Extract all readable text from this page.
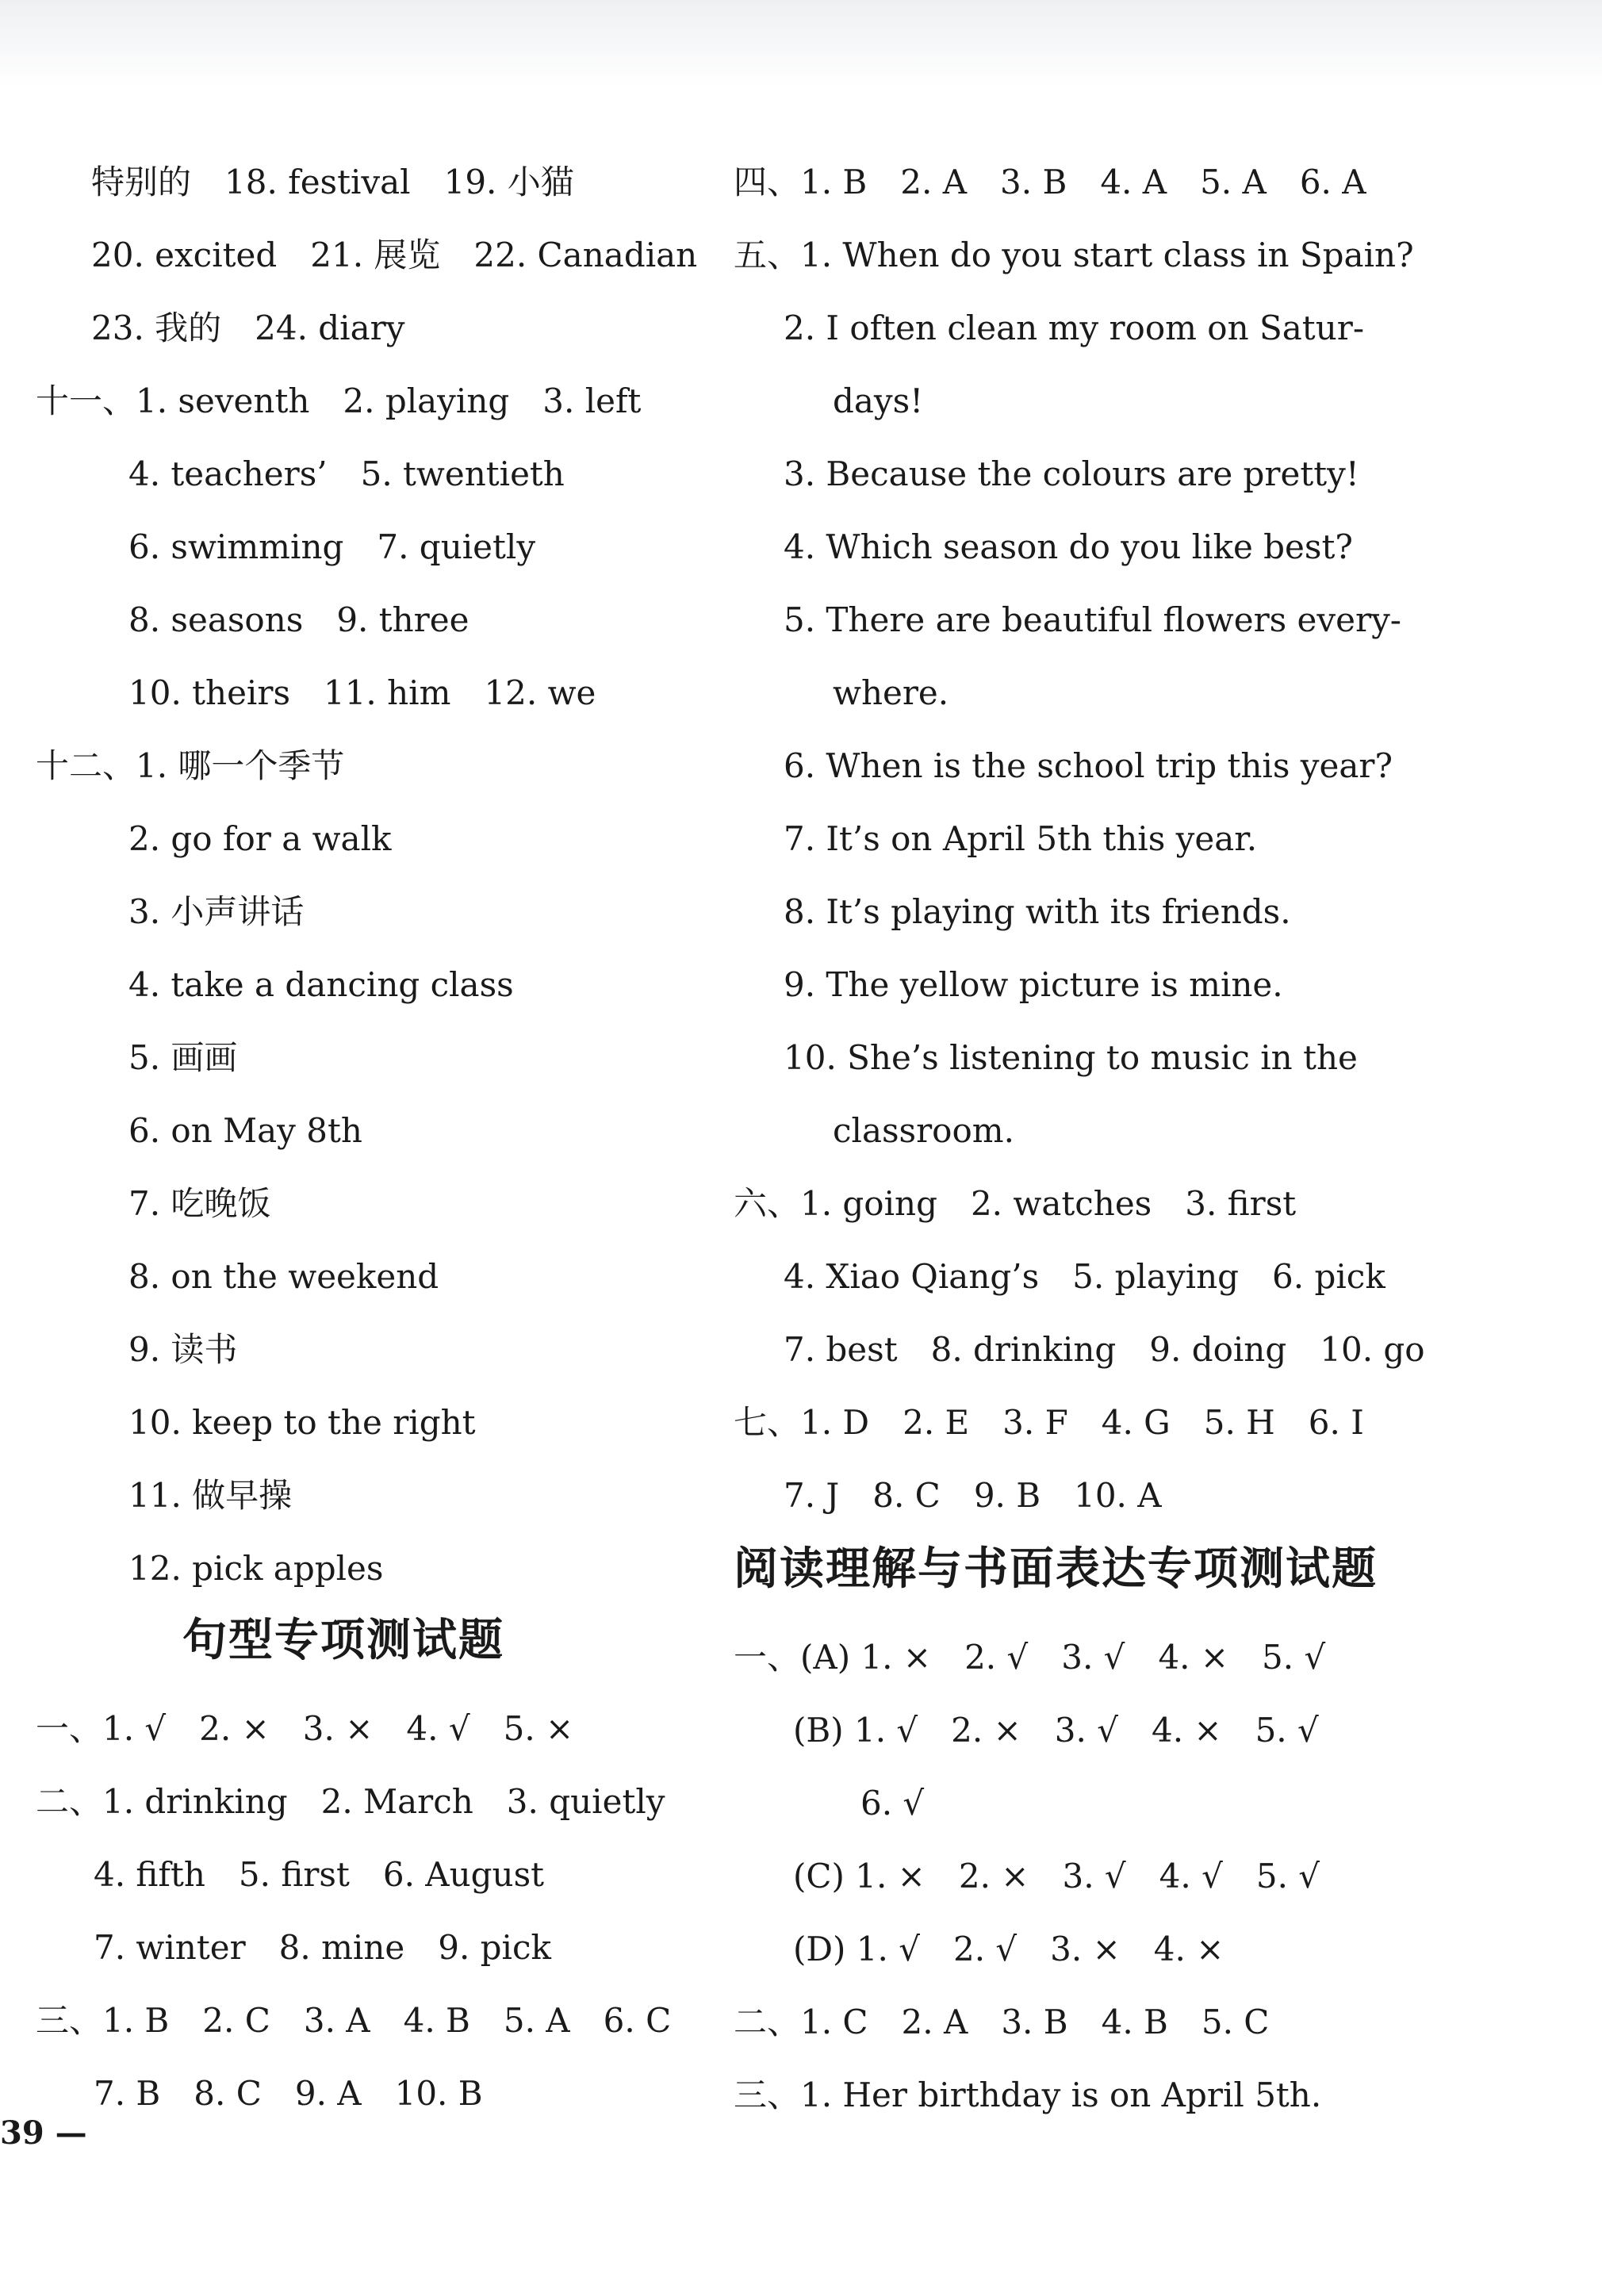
特别的　18. festival　19. 小猫
20. excited　21. 展览　22. Canadian
23. 我的　24. diary
十一、1. seventh　2. playing　3. left
4. teachers’　5. twentieth
6. swimming　7. quietly
8. seasons　9. three
10. theirs　11. him　12. we
十二、1. 哪一个季节
2. go for a walk
3. 小声讲话
4. take a dancing class
5. 画画
6. on May 8th
7. 吃晚饭
8. on the weekend
9. 读书
10. keep to the right
11. 做早操
12. pick apples
句型专项测试题
一、1. √　2. ×　3. ×　4. √　5. ×
二、1. drinking　2. March　3. quietly
4. fifth　5. first　6. August
7. winter　8. mine　9. pick
三、1. B　2. C　3. A　4. B　5. A　6. C
7. B　8. C　9. A　10. B
四、1. B　2. A　3. B　4. A　5. A　6. A
五、1. When do you start class in Spain?
2. I often clean my room on Satur-
days!
3. Because the colours are pretty!
4. Which season do you like best?
5. There are beautiful flowers every-
where.
6. When is the school trip this year?
7. It’s on April 5th this year.
8. It’s playing with its friends.
9. The yellow picture is mine.
10. She’s listening to music in the
classroom.
六、1. going　2. watches　3. first
4. Xiao Qiang’s　5. playing　6. pick
7. best　8. drinking　9. doing　10. go
七、1. D　2. E　3. F　4. G　5. H　6. I
7. J　8. C　9. B　10. A
阅读理解与书面表达专项测试题
一、(A) 1. ×　2. √　3. √　4. ×　5. √
(B) 1. √　2. ×　3. √　4. ×　5. √
6. √
(C) 1. ×　2. ×　3. √　4. √　5. √
(D) 1. √　2. √　3. ×　4. ×
二、1. C　2. A　3. B　4. B　5. C
三、1. Her birthday is on April 5th.
39 —
